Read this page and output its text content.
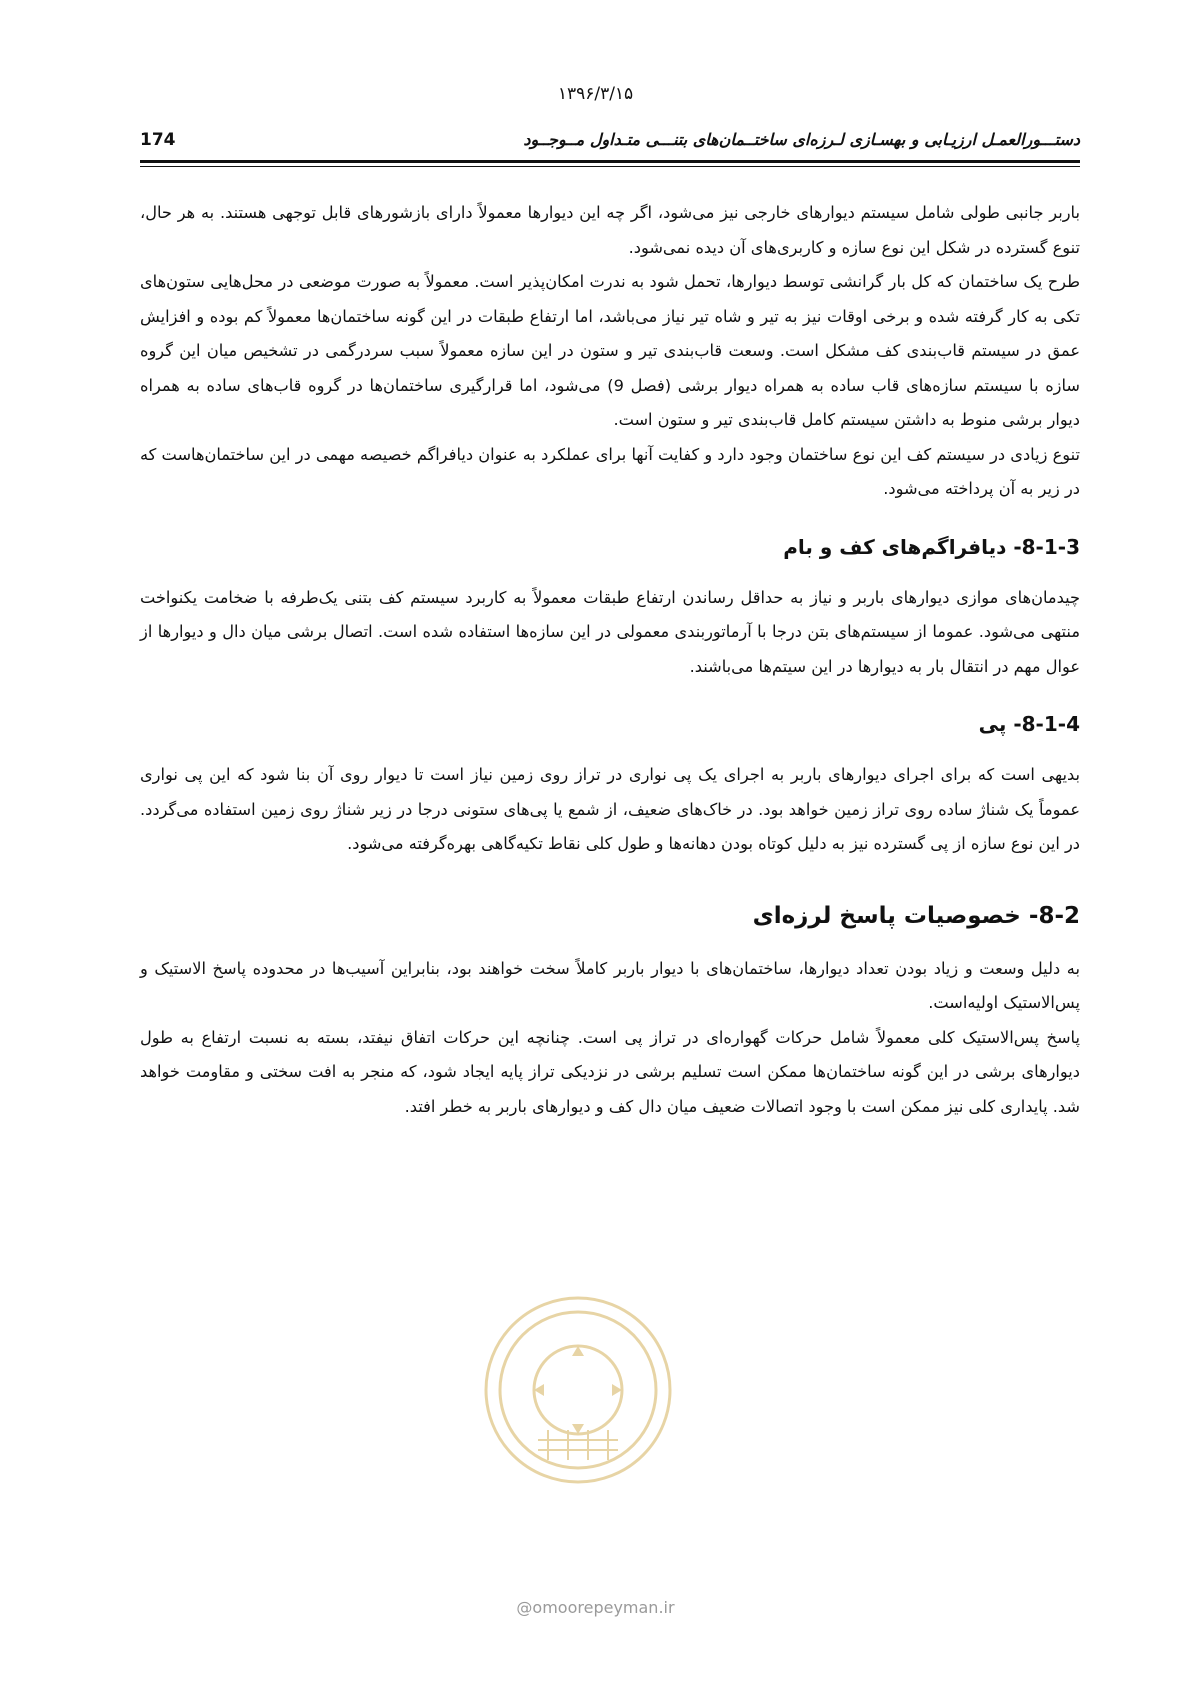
۱۳۹۶/۳/۱۵
دستـــورالعمـل ارزیـابی و بهسـازی لـرزه‌ای ساختــمان‌های بتنـــی متـداول مــوجــود
174

باربر جانبی طولی شامل سیستم دیوارهای خارجی نیز می‌شود، اگر چه این دیوارها معمولاً دارای بازشورهای قابل توجهی هستند. به هر حال، تنوع گسترده در شکل این نوع سازه و کاربری‌های آن دیده نمی‌شود.

طرح یک ساختمان که کل بار گرانشی توسط دیوارها، تحمل شود به ندرت امکان‌پذیر است. معمولاً به صورت موضعی در محل‌هایی ستون‌های تکی به کار گرفته شده و برخی اوقات نیز به تیر و شاه تیر نیاز می‌باشد، اما ارتفاع طبقات در این گونه ساختمان‌ها معمولاً کم بوده و افزایش عمق در سیستم قاب‌بندی کف مشکل است. وسعت قاب‌بندی تیر و ستون در این سازه معمولاً سبب سردرگمی در تشخیص میان این گروه سازه با سیستم سازه‌های قاب ساده به همراه دیوار برشی (فصل 9) می‌شود، اما قرارگیری ساختمان‌ها در گروه قاب‌های ساده به همراه دیوار برشی منوط به داشتن سیستم کامل قاب‌بندی تیر و ستون است.

تنوع زیادی در سیستم کف این نوع ساختمان وجود دارد و کفایت آنها برای عملکرد به عنوان دیافراگم خصیصه مهمی در این ساختمان‌هاست که در زیر به آن پرداخته می‌شود.

8-1-3- دیافراگم‌های کف و بام

چیدمان‌های موازی دیوارهای باربر و نیاز به حداقل رساندن ارتفاع طبقات معمولاً به کاربرد سیستم کف بتنی یک‌طرفه با ضخامت یکنواخت منتهی می‌شود. عموما از سیستم‌های بتن درجا با آرماتوربندی معمولی در این سازه‌ها استفاده شده است. اتصال برشی میان دال و دیوارها از عوال مهم در انتقال بار به دیوارها در این سیتم‌ها می‌باشند.

8-1-4- پی

بدیهی است که برای اجرای دیوارهای باربر به اجرای یک پی نواری در تراز روی زمین نیاز است تا دیوار روی آن بنا شود که این پی نواری عموماً یک شناژ ساده روی تراز زمین خواهد بود. در خاک‌های ضعیف، از شمع یا پی‌های ستونی درجا در زیر شناژ روی زمین استفاده می‌گردد. در این نوع سازه از پی گسترده نیز به دلیل کوتاه بودن دهانه‌ها و طول کلی نقاط تکیه‌گاهی بهره‌گرفته می‌شود.

8-2- خصوصیات پاسخ لرزه‌ای

به دلیل وسعت و زیاد بودن تعداد دیوارها، ساختمان‌های با دیوار باربر کاملاً سخت خواهند بود، بنابراین آسیب‌ها در محدوده پاسخ الاستیک و پس‌الاستیک اولیه‌است.

پاسخ پس‌الاستیک کلی معمولاً شامل حرکات گهواره‌ای در تراز پی است. چنانچه این حرکات اتفاق نیفتد، بسته به نسبت ارتفاع به طول دیوارهای برشی در این گونه ساختمان‌ها ممکن است تسلیم برشی در نزدیکی تراز پایه ایجاد شود، که منجر به افت سختی و مقاومت خواهد شد. پایداری کلی نیز ممکن است با وجود اتصالات ضعیف میان دال کف و دیوارهای باربر به خطر افتد.

@omoorepeyman.ir
